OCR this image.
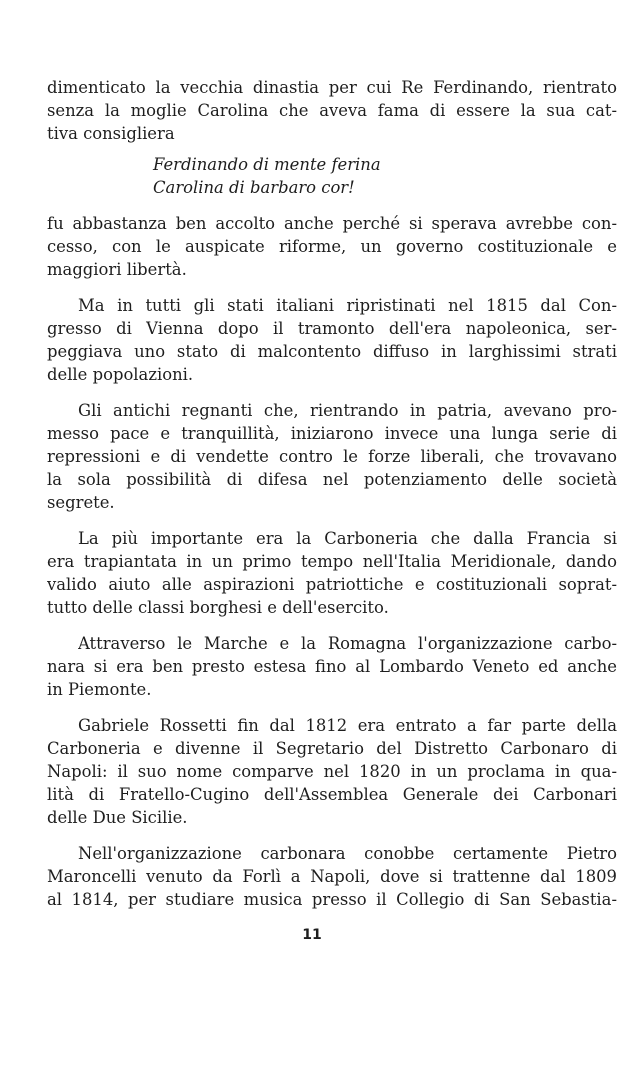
dimenticato la vecchia dinastia per cui Re Ferdinando, rientrato
senza la moglie Carolina che aveva fama di essere la sua cat-
tiva consigliera
Ferdinando di mente ferina
Carolina di barbaro cor!
fu abbastanza ben accolto anche perché si sperava avrebbe con-
cesso, con le auspicate riforme, un governo costituzionale e
maggiori libertà.
Ma in tutti gli stati italiani ripristinati nel 1815 dal Con-
gresso di Vienna dopo il tramonto dell'era napoleonica, ser-
peggiava uno stato di malcontento diffuso in larghissimi strati
delle popolazioni.
Gli antichi regnanti che, rientrando in patria, avevano pro-
messo pace e tranquillità, iniziarono invece una lunga serie di
repressioni e di vendette contro le forze liberali, che trovavano
la sola possibilità di difesa nel potenziamento delle società
segrete.
La più importante era la Carboneria che dalla Francia si
era trapiantata in un primo tempo nell'Italia Meridionale, dando
valido aiuto alle aspirazioni patriottiche e costituzionali soprat-
tutto delle classi borghesi e dell'esercito.
Attraverso le Marche e la Romagna l'organizzazione carbo-
nara si era ben presto estesa fino al Lombardo Veneto ed anche
in Piemonte.
Gabriele Rossetti fin dal 1812 era entrato a far parte della
Carboneria e divenne il Segretario del Distretto Carbonaro di
Napoli: il suo nome comparve nel 1820 in un proclama in qua-
lità di Fratello-Cugino dell'Assemblea Generale dei Carbonari
delle Due Sicilie.
Nell'organizzazione carbonara conobbe certamente Pietro
Maroncelli venuto da Forlì a Napoli, dove si trattenne dal 1809
al 1814, per studiare musica presso il Collegio di San Sebastia-
11
